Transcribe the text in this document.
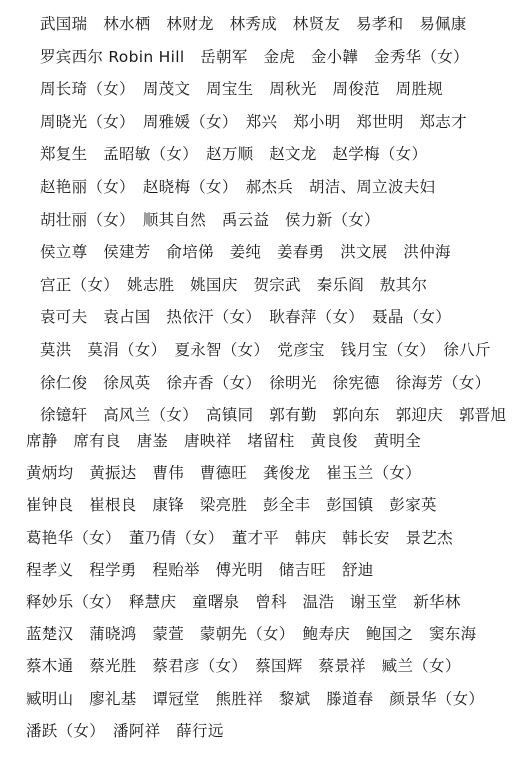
武国瑞　林水栖　林财龙　林秀成　林贤友　易孝和　易佩康
罗宾西尔 Robin Hill　岳朝军　金虎　金小韡　金秀华（女）
周长琦（女）　周茂文　周宝生　周秋光　周俊范　周胜规
周晓光（女）　周雅媛（女）　郑兴　郑小明　郑世明　郑志才
郑复生　孟昭敏（女）　赵万顺　赵文龙　赵学梅（女）
赵艳丽（女）　赵晓梅（女）　郝杰兵　胡洁、周立波夫妇
胡壮丽（女）　顺其自然　禹云益　侯力新（女）
侯立尊　侯建芳　俞培俤　姜纯　姜春勇　洪文展　洪仲海
宫正（女）　姚志胜　姚国庆　贺宗武　秦乐阎　敖其尔
袁可夫　袁占国　热依汗（女）　耿春萍（女）　聂晶（女）
莫洪　莫涓（女）　夏永智（女）　党彦宝　钱月宝（女）　徐八斤
徐仁俊　徐凤英　徐卉香（女）　徐明光　徐宪德　徐海芳（女）
徐镱轩　高风兰（女）　高镇同　郭有勤　郭向东　郭迎庆　郭晋旭
席静　席有良　唐崟　唐映祥　堵留柱　黄良俊　黄明全
黄炳均　黄振达　曹伟　曹德旺　龚俊龙　崔玉兰（女）
崔钟良　崔根良　康锋　梁亮胜　彭全丰　彭国镇　彭家英
葛艳华（女）　董乃倩（女）　董才平　韩庆　韩长安　景艺杰
程孝义　程学勇　程贻举　傅光明　储吉旺　舒迪
释妙乐（女）　释慧庆　童曙泉　曾科　温浩　谢玉堂　新华林
蓝楚汉　蒲晓鸿　蒙萱　蒙朝先（女）　鲍寿庆　鲍国之　窦东海
蔡木通　蔡光胜　蔡君彦（女）　蔡国辉　蔡景祥　臧兰（女）
臧明山　廖礼基　谭冠堂　熊胜祥　黎斌　滕道春　颜景华（女）
潘跃（女）　潘阿祥　薛行远
